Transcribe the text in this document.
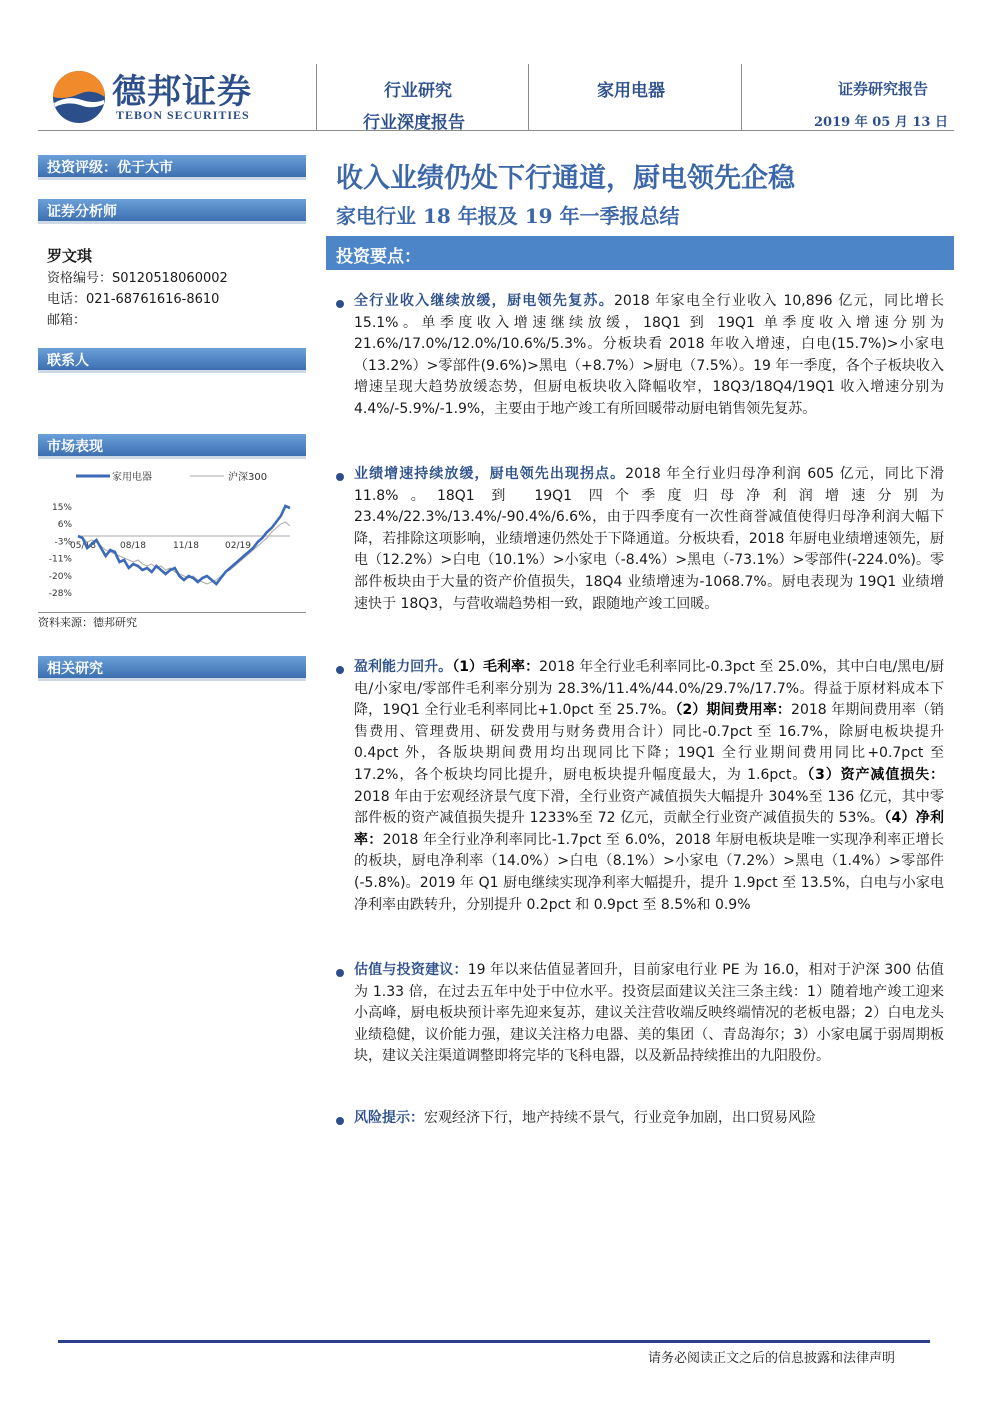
德邦证券
TEBON SECURITIES
行业研究
行业深度报告
家用电器	证券研究报告
2019 年 05 月 13 日
投资评级：优于大市
证券分析师
罗文琪
资格编号：S0120518060002
电话：021-68761616-8610
邮箱：
联系人
市场表现
家用电器	沪深300
15%
6%
-3%
-11%
-20%
-28%
05/18	08/18	11/18	02/19
资料来源：德邦研究
相关研究
收入业绩仍处下行通道，厨电领先企稳
家电行业 18 年报及 19 年一季报总结
投资要点：
全行业收入继续放缓，厨电领先复苏。2018 年家电全行业收入 10,896 亿元，同比增长 15.1%。单季度收入增速继续放缓，18Q1 到 19Q1 单季度收入增速分别为 21.6%/17.0%/12.0%/10.6%/5.3%。分板块看 2018 年收入增速，白电(15.7%)>小家电（13.2%）>零部件(9.6%)>黑电（+8.7%）>厨电（7.5%）。19 年一季度，各个子板块收入增速呈现大趋势放缓态势，但厨电板块收入降幅收窄，18Q3/18Q4/19Q1 收入增速分别为 4.4%/-5.9%/-1.9%，主要由于地产竣工有所回暖带动厨电销售领先复苏。
业绩增速持续放缓，厨电领先出现拐点。2018 年全行业归母净利润 605 亿元，同比下滑 11.8%。18Q1 到 19Q1 四个季度归母净利润增速分别为 23.4%/22.3%/13.4%/-90.4%/6.6%，由于四季度有一次性商誉减值使得归母净利润大幅下降，若排除这项影响，业绩增速仍然处于下降通道。分板块看，2018 年厨电业绩增速领先，厨电（12.2%）>白电（10.1%）>小家电（-8.4%）>黑电（-73.1%）>零部件(-224.0%)。零部件板块由于大量的资产价值损失，18Q4 业绩增速为-1068.7%。厨电表现为 19Q1 业绩增速快于 18Q3，与营收端趋势相一致，跟随地产竣工回暖。
盈利能力回升。（1）毛利率：2018 年全行业毛利率同比-0.3pct 至 25.0%，其中白电/黑电/厨电/小家电/零部件毛利率分别为 28.3%/11.4%/44.0%/29.7%/17.7%。得益于原材料成本下降，19Q1 全行业毛利率同比+1.0pct 至 25.7%。（2）期间费用率：2018 年期间费用率（销售费用、管理费用、研发费用与财务费用合计）同比-0.7pct 至 16.7%，除厨电板块提升 0.4pct 外，各版块期间费用均出现同比下降；19Q1 全行业期间费用同比+0.7pct 至 17.2%，各个板块均同比提升，厨电板块提升幅度最大，为 1.6pct。（3）资产减值损失：2018 年由于宏观经济景气度下滑，全行业资产减值损失大幅提升 304%至 136 亿元，其中零部件板的资产减值损失提升 1233%至 72 亿元，贡献全行业资产减值损失的 53%。（4）净利率：2018 年全行业净利率同比-1.7pct 至 6.0%，2018 年厨电板块是唯一实现净利率正增长的板块，厨电净利率（14.0%）>白电（8.1%）>小家电（7.2%）>黑电（1.4%）>零部件 (-5.8%)。2019 年 Q1 厨电继续实现净利率大幅提升，提升 1.9pct 至 13.5%，白电与小家电净利率由跌转升，分别提升 0.2pct 和 0.9pct 至 8.5%和 0.9%
估值与投资建议：19 年以来估值显著回升，目前家电行业 PE 为 16.0，相对于沪深 300 估值为 1.33 倍，在过去五年中处于中位水平。投资层面建议关注三条主线：1）随着地产竣工迎来小高峰，厨电板块预计率先迎来复苏，建议关注营收端反映终端情况的老板电器；2）白电龙头业绩稳健，议价能力强，建议关注格力电器、美的集团（、青岛海尔；3）小家电属于弱周期板块，建议关注渠道调整即将完毕的飞科电器，以及新品持续推出的九阳股份。
风险提示：宏观经济下行，地产持续不景气，行业竞争加剧，出口贸易风险
请务必阅读正文之后的信息披露和法律声明
